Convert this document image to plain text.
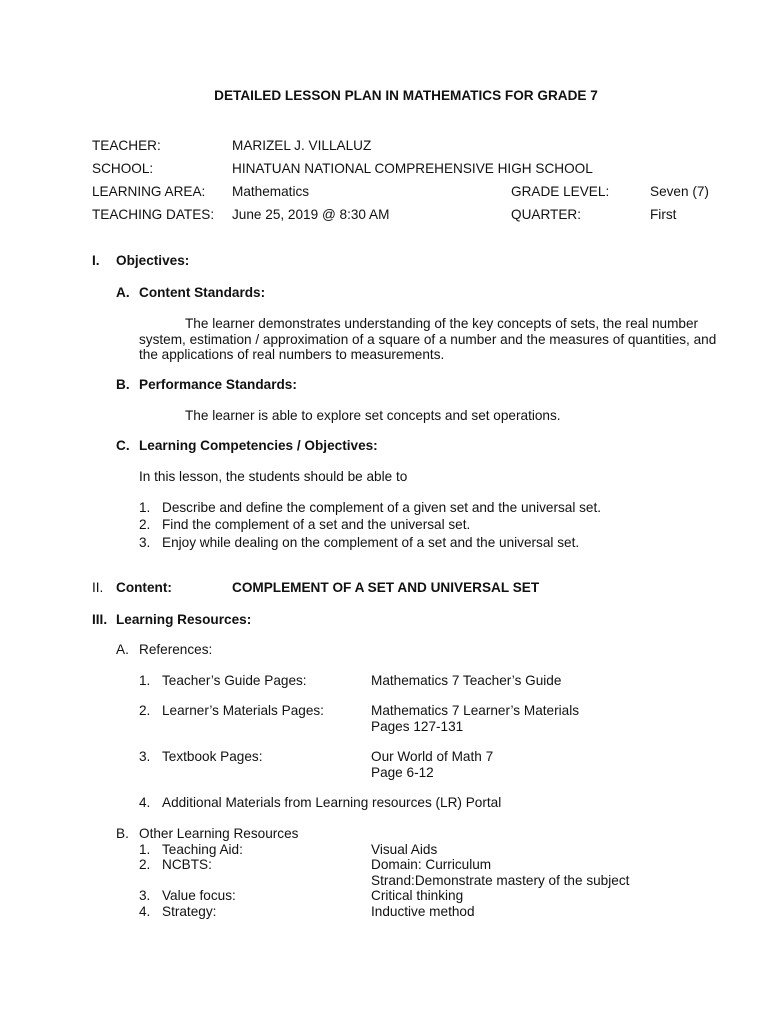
DETAILED LESSON PLAN IN MATHEMATICS FOR GRADE 7
TEACHER:	MARIZEL J. VILLALUZ
SCHOOL:	HINATUAN NATIONAL COMPREHENSIVE HIGH SCHOOL
LEARNING AREA: Mathematics	GRADE LEVEL:	Seven (7)
TEACHING DATES: June 25, 2019 @ 8:30 AM	QUARTER:	First
I. Objectives:
A. Content Standards:
The learner demonstrates understanding of the key concepts of sets, the real number system, estimation / approximation of a square of a number and the measures of quantities, and the applications of real numbers to measurements.
B. Performance Standards:
The learner is able to explore set concepts and set operations.
C. Learning Competencies / Objectives:
In this lesson, the students should be able to
1. Describe and define the complement of a given set and the universal set.
2. Find the complement of a set and the universal set.
3. Enjoy while dealing on the complement of a set and the universal set.
II. Content:	COMPLEMENT OF A SET AND UNIVERSAL SET
III. Learning Resources:
A. References:
1. Teacher’s Guide Pages:	Mathematics 7 Teacher’s Guide
2. Learner’s Materials Pages:	Mathematics 7 Learner’s Materials
Pages 127-131
3. Textbook Pages:	Our World of Math 7
Page 6-12
4. Additional Materials from Learning resources (LR) Portal
B. Other Learning Resources
1. Teaching Aid:	Visual Aids
2. NCBTS:	Domain: Curriculum
Strand:Demonstrate mastery of the subject
3. Value focus:	Critical thinking
4. Strategy:	Inductive method
